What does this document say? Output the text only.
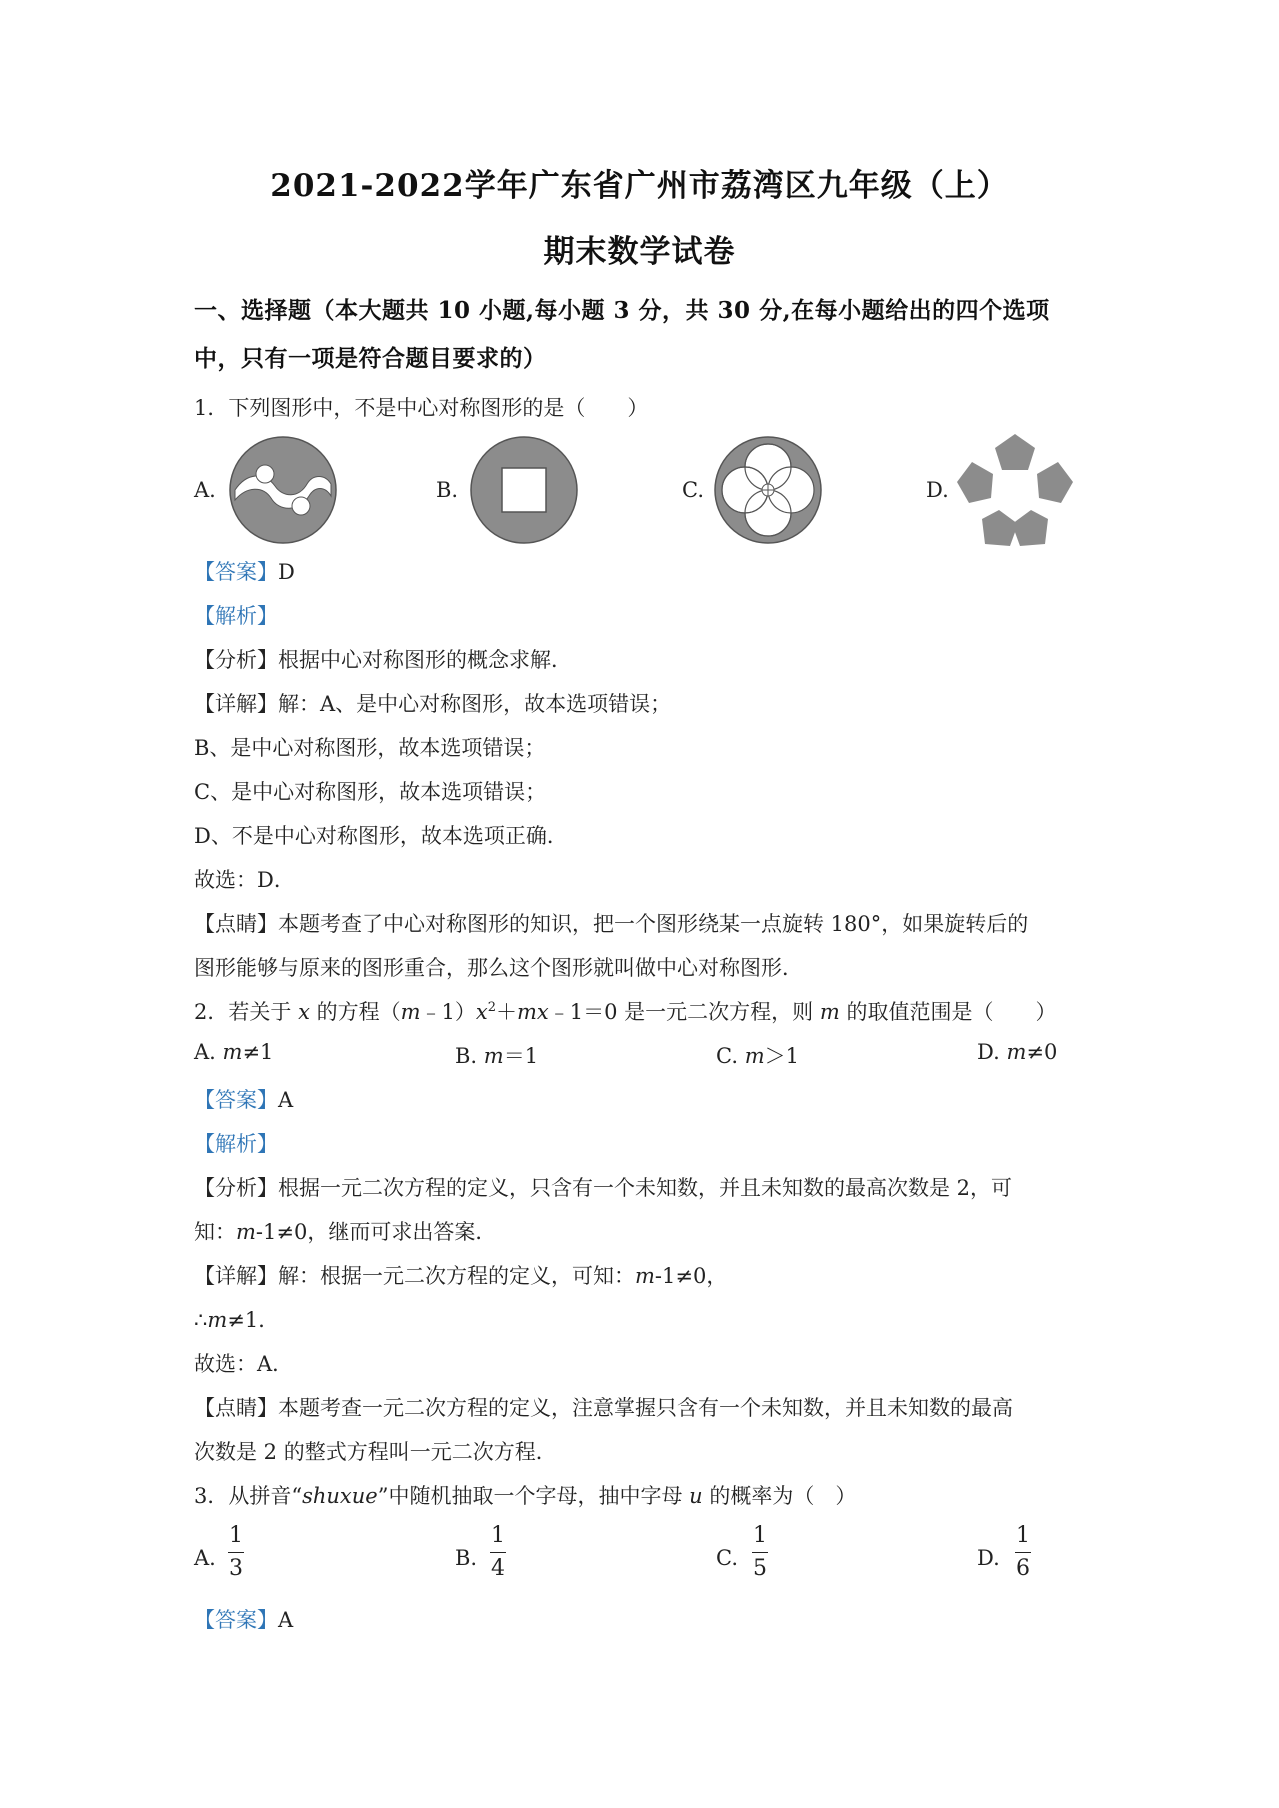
2021-2022学年广东省广州市荔湾区九年级（上）
期末数学试卷
一、选择题（本大题共 10 小题,每小题 3 分，共 30 分,在每小题给出的四个选项
中，只有一项是符合题目要求的）
1．下列图形中，不是中心对称图形的是（　　）
A.	B.	C.	D.
【答案】D
【解析】
【分析】根据中心对称图形的概念求解．
【详解】解：A、是中心对称图形，故本选项错误；
B、是中心对称图形，故本选项错误；
C、是中心对称图形，故本选项错误；
D、不是中心对称图形，故本选项正确．
故选：D．
【点睛】本题考查了中心对称图形的知识，把一个图形绕某一点旋转 180°，如果旋转后的
图形能够与原来的图形重合，那么这个图形就叫做中心对称图形．
2．若关于 x 的方程$(m﹣1)x^2+mx﹣1=0$ 是一元二次方程，则 m 的取值范围是（　　）
A. m≠1	B. m＝1	C. m＞1	D. m≠0
【答案】A
【解析】
【分析】根据一元二次方程的定义，只含有一个未知数，并且未知数的最高次数是 2，可
知：m-1≠0，继而可求出答案．
【详解】解：根据一元二次方程的定义，可知：m-1≠0，
∴m≠1．
故选：A．
【点睛】本题考查一元二次方程的定义，注意掌握只含有一个未知数，并且未知数的最高
次数是 2 的整式方程叫一元二次方程．
3．从拼音“shuxue”中随机抽取一个字母，抽中字母 u 的概率为（　）
A.
1
3	B.
1
4	C.
1
5	D.
1
6
【答案】A
